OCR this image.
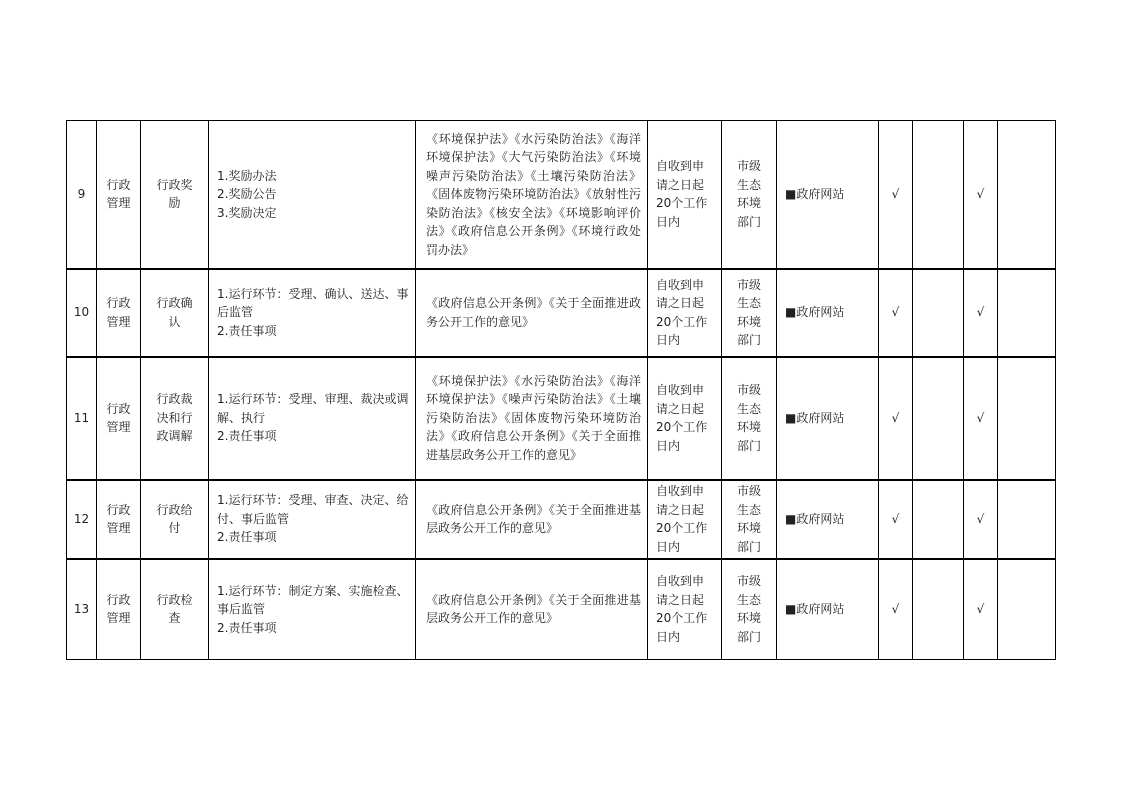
9	行政
管理	行政奖
励	1.奖励办法
2.奖励公告
3.奖励决定	《环境保护法》《水污染防治法》《海洋环境保护法》《大气污染防治法》《环境噪声污染防治法》《土壤污染防治法》《固体废物污染环境防治法》《放射性污染防治法》《核安全法》《环境影响评价法》《政府信息公开条例》《环境行政处罚办法》	自收到申
请之日起
20个工作
日内	市级
生态
环境
部门	■政府网站	√		√	
10	行政
管理	行政确
认	1.运行环节：受理、确认、送达、事后监管
2.责任事项	《政府信息公开条例》《关于全面推进政务公开工作的意见》	自收到申
请之日起
20个工作
日内	市级
生态
环境
部门	■政府网站	√		√	
11	行政
管理	行政裁
决和行
政调解	1.运行环节：受理、审理、裁决或调解、执行
2.责任事项	《环境保护法》《水污染防治法》《海洋环境保护法》《噪声污染防治法》《土壤污染防治法》《固体废物污染环境防治法》《政府信息公开条例》《关于全面推进基层政务公开工作的意见》	自收到申
请之日起
20个工作
日内	市级
生态
环境
部门	■政府网站	√		√	
12	行政
管理	行政给
付	1.运行环节：受理、审查、决定、给付、事后监管
2.责任事项	《政府信息公开条例》《关于全面推进基层政务公开工作的意见》	自收到申
请之日起
20个工作
日内	市级
生态
环境
部门	■政府网站	√		√	
13	行政
管理	行政检
查	1.运行环节：制定方案、实施检查、事后监管
2.责任事项	《政府信息公开条例》《关于全面推进基层政务公开工作的意见》	自收到申
请之日起
20个工作
日内	市级
生态
环境
部门	■政府网站	√		√	
